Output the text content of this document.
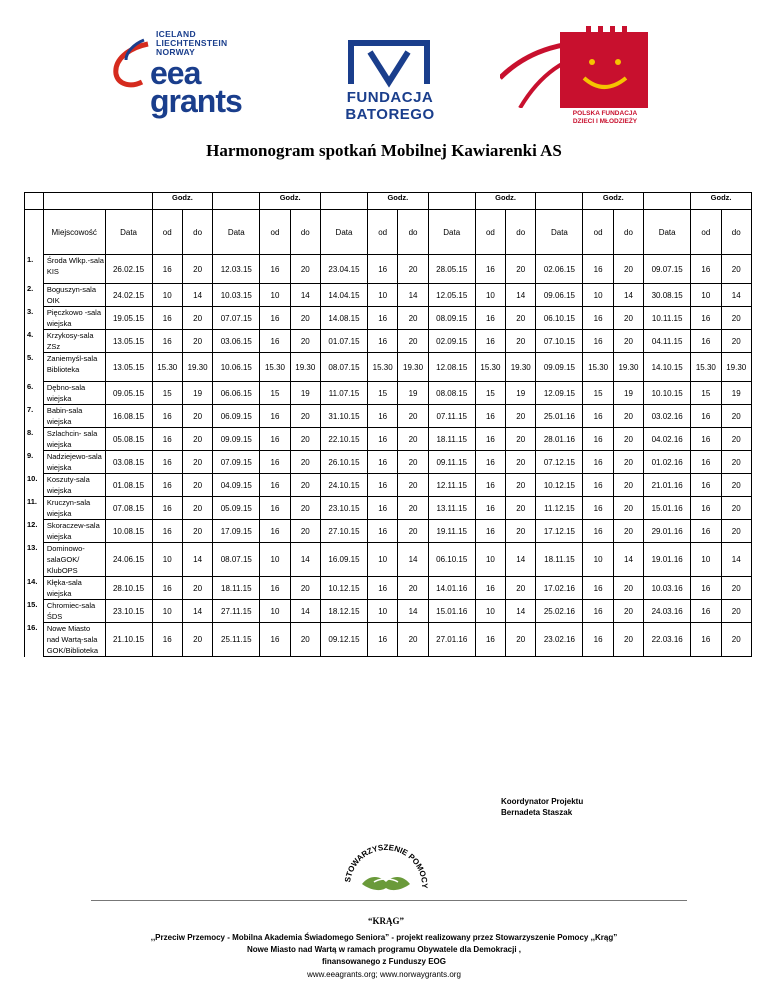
ICELAND
LIECHTENSTEIN
NORWAY
eea
grants	FUNDACJA
BATOREGO	POLSKA FUNDACJA
DZIECI I MŁODZIEŻY
Harmonogram spotkań Mobilnej Kawiarenki AS
			Godz.			Godz.			Godz.			Godz.			Godz.			Godz.	
	Miejscowość	Data	od	do	Data	od	do	Data	od	do	Data	od	do	Data	od	do	Data	od	do
1.	Środa Wlkp.-sala KIS	26.02.15	16	20	12.03.15	16	20	23.04.15	16	20	28.05.15	16	20	02.06.15	16	20	09.07.15	16	20
2.	Boguszyn-sala OIK	24.02.15	10	14	10.03.15	10	14	14.04.15	10	14	12.05.15	10	14	09.06.15	10	14	30.08.15	10	14
3.	Pięczkowo -sala wiejska	19.05.15	16	20	07.07.15	16	20	14.08.15	16	20	08.09.15	16	20	06.10.15	16	20	10.11.15	16	20
4.	Krzykosy-sala ZSz	13.05.15	16	20	03.06.15	16	20	01.07.15	16	20	02.09.15	16	20	07.10.15	16	20	04.11.15	16	20
5.	Zaniemyśl-sala Biblioteka	13.05.15	15.30	19.30	10.06.15	15.30	19.30	08.07.15	15.30	19.30	12.08.15	15.30	19.30	09.09.15	15.30	19.30	14.10.15	15.30	19.30
6.	Dębno-sala wiejska	09.05.15	15	19	06.06.15	15	19	11.07.15	15	19	08.08.15	15	19	12.09.15	15	19	10.10.15	15	19
7.	Babin-sala wiejska	16.08.15	16	20	06.09.15	16	20	31.10.15	16	20	07.11.15	16	20	25.01.16	16	20	03.02.16	16	20
8.	Szlachcin- sala wiejska	05.08.15	16	20	09.09.15	16	20	22.10.15	16	20	18.11.15	16	20	28.01.16	16	20	04.02.16	16	20
9.	Nadziejewo-sala wiejska	03.08.15	16	20	07.09.15	16	20	26.10.15	16	20	09.11.15	16	20	07.12.15	16	20	01.02.16	16	20
10.	Koszuty-sala wiejska	01.08.15	16	20	04.09.15	16	20	24.10.15	16	20	12.11.15	16	20	10.12.15	16	20	21.01.16	16	20
11.	Kruczyn-sala wiejska	07.08.15	16	20	05.09.15	16	20	23.10.15	16	20	13.11.15	16	20	11.12.15	16	20	15.01.16	16	20
12.	Skoraczew-sala wiejska	10.08.15	16	20	17.09.15	16	20	27.10.15	16	20	19.11.15	16	20	17.12.15	16	20	29.01.16	16	20
13.	Dominowo-salaGOK/ KlubOPS	24.06.15	10	14	08.07.15	10	14	16.09.15	10	14	06.10.15	10	14	18.11.15	10	14	19.01.16	10	14
14.	Kłęka-sala wiejska	28.10.15	16	20	18.11.15	16	20	10.12.15	16	20	14.01.16	16	20	17.02.16	16	20	10.03.16	16	20
15.	Chromiec-sala ŚDS	23.10.15	10	14	27.11.15	10	14	18.12.15	10	14	15.01.16	10	14	25.02.16	16	20	24.03.16	16	20
16.	Nowe Miasto nad Wartą-sala GOK/Biblioteka	21.10.15	16	20	25.11.15	16	20	09.12.15	16	20	27.01.16	16	20	23.02.16	16	20	22.03.16	16	20
Koordynator Projektu
Bernadeta Staszak
STOWARZYSZENIE POMOCY
“KRĄG”
,,Przeciw Przemocy - Mobilna Akademia Świadomego Seniora” - projekt realizowany przez Stowarzyszenie Pomocy ,,Krąg”
Nowe Miasto nad Wartą w ramach programu Obywatele dla Demokracji ,
finansowanego z Funduszy EOG
www.eeagrants.org; www.norwaygrants.org
